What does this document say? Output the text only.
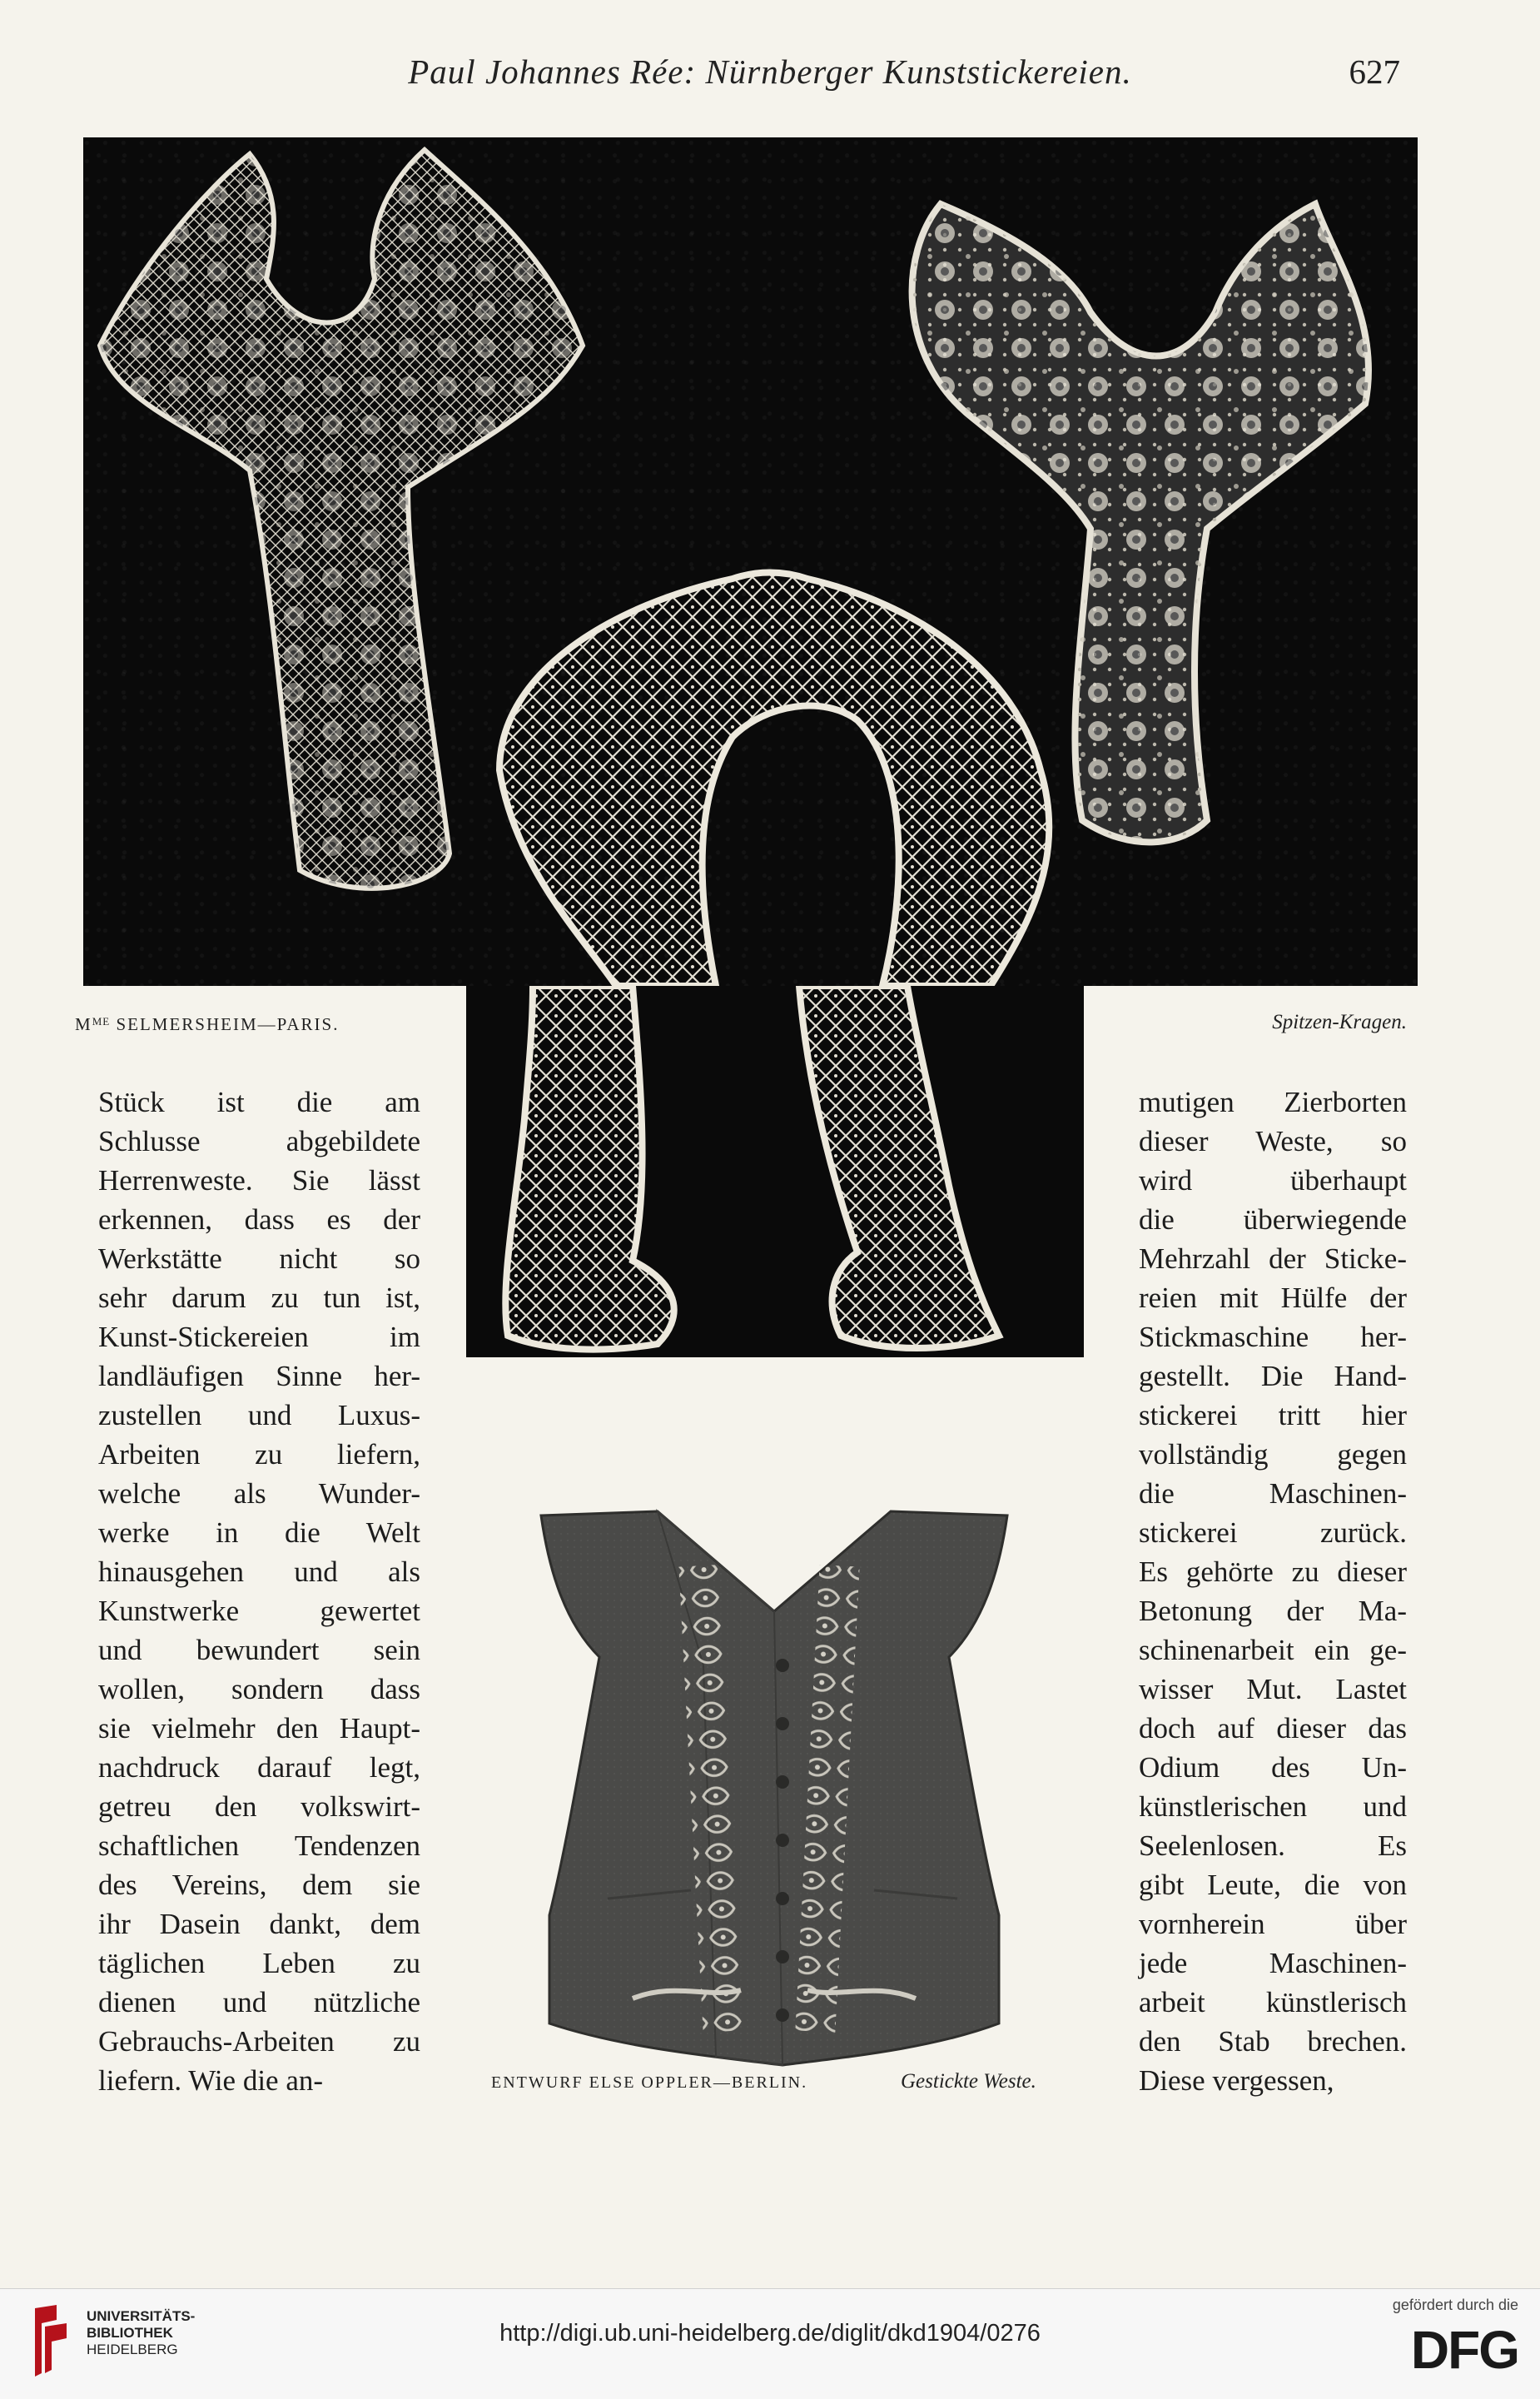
Paul Johannes Rée: Nürnberger Kunststickereien.	627
$M^{ME}$ SELMERSHEIM—PARIS.	Spitzen-Kragen.
Stück ist die am
Schlusse abgebildete
Herrenweste. Sie lässt
erkennen, dass es der
Werkstätte nicht so
sehr darum zu tun ist,
Kunst-Stickereien im
landläufigen Sinne her-
zustellen und Luxus-
Arbeiten zu liefern,
welche als Wunder-
werke in die Welt
hinausgehen und als
Kunstwerke gewertet
und bewundert sein
wollen, sondern dass
sie vielmehr den Haupt-
nachdruck darauf legt,
getreu den volkswirt-
schaftlichen Tendenzen
des Vereins, dem sie
ihr Dasein dankt, dem
täglichen Leben zu
dienen und nützliche
Gebrauchs-Arbeiten zu
liefern. Wie die an-
mutigen Zierborten
dieser Weste, so
wird überhaupt
die überwiegende
Mehrzahl der Sticke-
reien mit Hülfe der
Stickmaschine her-
gestellt. Die Hand-
stickerei tritt hier
vollständig gegen
die Maschinen-
stickerei zurück.
Es gehörte zu dieser
Betonung der Ma-
schinenarbeit ein ge-
wisser Mut. Lastet
doch auf dieser das
Odium des Un-
künstlerischen und
Seelenlosen. Es
gibt Leute, die von
vornherein über
jede Maschinen-
arbeit künstlerisch
den Stab brechen.
Diese vergessen,
ENTWURF ELSE OPPLER—BERLIN.	Gestickte Weste.
UNIVERSITÄTS-
BIBLIOTHEK
HEIDELBERG
http://digi.ub.uni-heidelberg.de/diglit/dkd1904/0276
gefördert durch die
DFG
